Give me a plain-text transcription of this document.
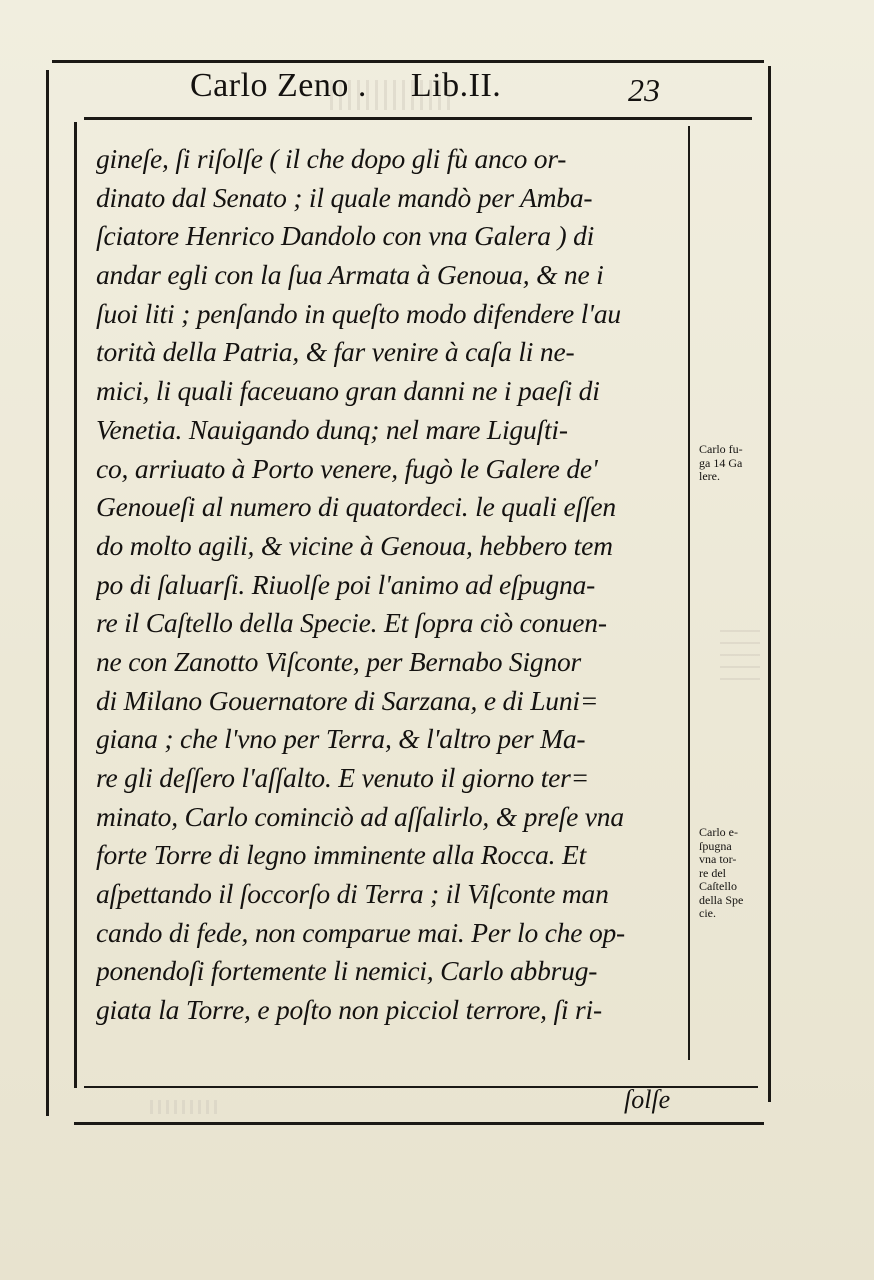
Carlo Zeno . Lib.II.	23
gineſe, ſi riſolſe ( il che dopo gli fù anco or-
dinato dal Senato ; il quale mandò per Amba-
ſciatore Henrico Dandolo con vna Galera ) di
andar egli con la ſua Armata à Genoua, & ne i
ſuoi liti ; penſando in queſto modo difendere l'au
torità della Patria, & far venire à caſa li ne-
mici, li quali faceuano gran danni ne i paeſi di
Venetia. Nauigando dunq; nel mare Liguſti-
co, arriuato à Porto venere, fugò le Galere de'
Genoueſi al numero di quatordeci. le quali eſſen
do molto agili, & vicine à Genoua, hebbero tem
po di ſaluarſi. Riuolſe poi l'animo ad eſpugna-
re il Caſtello della Specie. Et ſopra ciò conuen-
ne con Zanotto Viſconte, per Bernabo Signor
di Milano Gouernatore di Sarzana, e di Luni=
giana ; che l'vno per Terra, & l'altro per Ma-
re gli deſſero l'aſſalto. E venuto il giorno ter=
minato, Carlo cominciò ad aſſalirlo, & preſe vna
forte Torre di legno imminente alla Rocca. Et
aſpettando il ſoccorſo di Terra ; il Viſconte man
cando di fede, non comparue mai. Per lo che op-
ponendoſi fortemente li nemici, Carlo abbrug-
giata la Torre, e poſto non picciol terrore, ſi ri-
Carlo fu-
ga 14 Ga
lere.
Carlo e-
ſpugna
vna tor-
re del
Caſtello
della Spe
cie.
ſolſe
